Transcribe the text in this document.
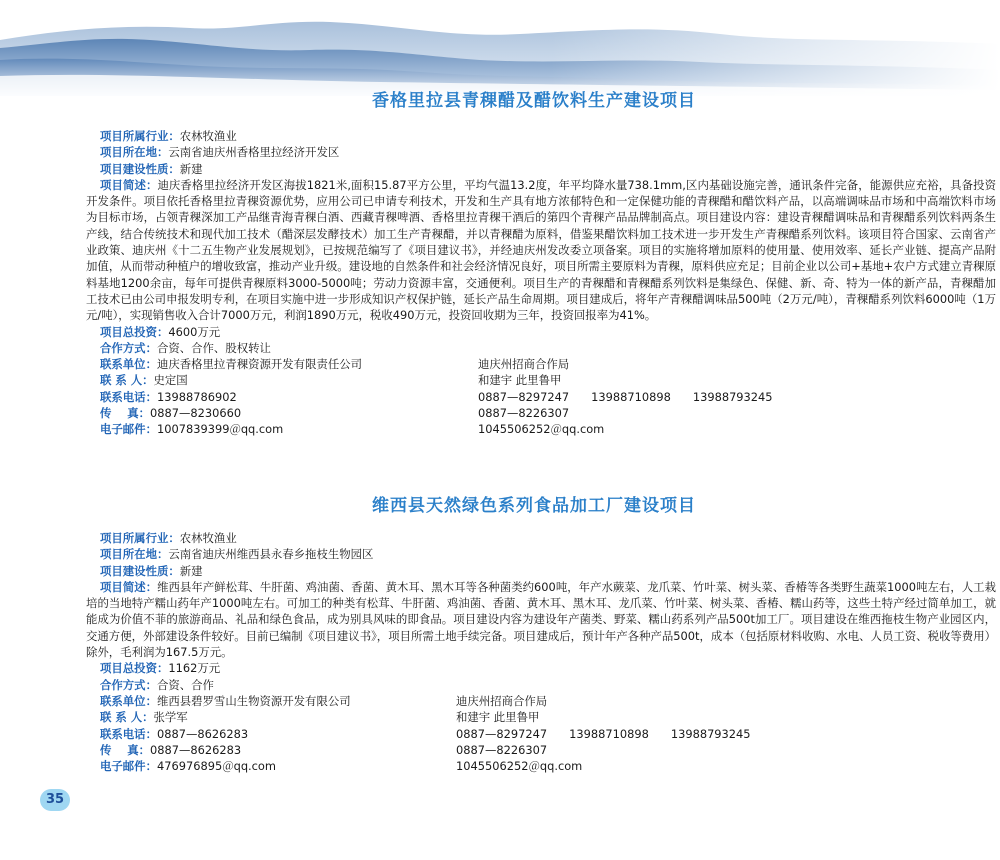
香格里拉县青稞醋及醋饮料生产建设项目
项目所属行业：农林牧渔业
项目所在地：云南省迪庆州香格里拉经济开发区
项目建设性质：新建
项目简述：迪庆香格里拉经济开发区海拔1821米,面积15.87平方公里，平均气温13.2度，年平均降水量738.1mm,区内基础设施完善，通讯条件完备，能源供应充裕，具备投资开发条件。项目依托香格里拉青稞资源优势，应用公司已申请专利技术，开发和生产具有地方浓郁特色和一定保健功能的青稞醋和醋饮料产品，以高端调味品市场和中高端饮料市场为目标市场，占领青稞深加工产品继青海青稞白酒、西藏青稞啤酒、香格里拉青稞干酒后的第四个青稞产品品牌制高点。项目建设内容：建设青稞醋调味品和青稞醋系列饮料两条生产线，结合传统技术和现代加工技术（醋深层发酵技术）加工生产青稞醋，并以青稞醋为原料，借鉴果醋饮料加工技术进一步开发生产青稞醋系列饮料。该项目符合国家、云南省产业政策、迪庆州《十二五生物产业发展规划》，已按规范编写了《项目建议书》，并经迪庆州发改委立项备案。项目的实施将增加原料的使用量、使用效率、延长产业链、提高产品附加值，从而带动种植户的增收致富，推动产业升级。建设地的自然条件和社会经济情况良好，项目所需主要原料为青稞，原料供应充足；目前企业以公司+基地+农户方式建立青稞原料基地1200余亩，每年可提供青稞原料3000-5000吨；劳动力资源丰富，交通便利。项目生产的青稞醋和青稞醋系列饮料是集绿色、保健、新、奇、特为一体的新产品，青稞醋加工技术已由公司申报发明专利，在项目实施中进一步形成知识产权保护链，延长产品生命周期。项目建成后，将年产青稞醋调味品500吨（2万元/吨），青稞醋系列饮料6000吨（1万元/吨），实现销售收入合计7000万元，利润1890万元，税收490万元，投资回收期为三年，投资回报率为41%。
项目总投资：4600万元
合作方式：合资、合作、股权转让
联系单位：迪庆香格里拉青稞资源开发有限责任公司	迪庆州招商合作局
联 系 人：史定国	和建宇 此里鲁甲
联系电话：13988786902	0887—8297247 13988710898 13988793245
传    真：0887—8230660	0887—8226307
电子邮件：1007839399＠qq.com	1045506252＠qq.com
维西县天然绿色系列食品加工厂建设项目
项目所属行业：农林牧渔业
项目所在地：云南省迪庆州维西县永春乡拖枝生物园区
项目建设性质：新建
项目简述：维西县年产鲜松茸、牛肝菌、鸡油菌、香菌、黄木耳、黑木耳等各种菌类约600吨，年产水蕨菜、龙爪菜、竹叶菜、树头菜、香椿等各类野生蔬菜1000吨左右，人工栽培的当地特产糯山药年产1000吨左右。可加工的种类有松茸、牛肝菌、鸡油菌、香菌、黄木耳、黑木耳、龙爪菜、竹叶菜、树头菜、香椿、糯山药等，这些土特产经过简单加工，就能成为价值不菲的旅游商品、礼品和绿色食品，成为别具风味的即食品。项目建设内容为建设年产菌类、野菜、糯山药系列产品500t加工厂。项目建设在维西拖枝生物产业园区内，交通方便，外部建设条件较好。目前已编制《项目建议书》，项目所需土地手续完备。项目建成后，预计年产各种产品500t，成本（包括原材料收购、水电、人员工资、税收等费用）除外，毛利润为167.5万元。
项目总投资：1162万元
合作方式：合资、合作
联系单位：维西县碧罗雪山生物资源开发有限公司	迪庆州招商合作局
联 系 人：张学军	和建宇 此里鲁甲
联系电话：0887—8626283	0887—8297247 13988710898 13988793245
传    真：0887—8626283	0887—8226307
电子邮件：476976895＠qq.com	1045506252＠qq.com
35
